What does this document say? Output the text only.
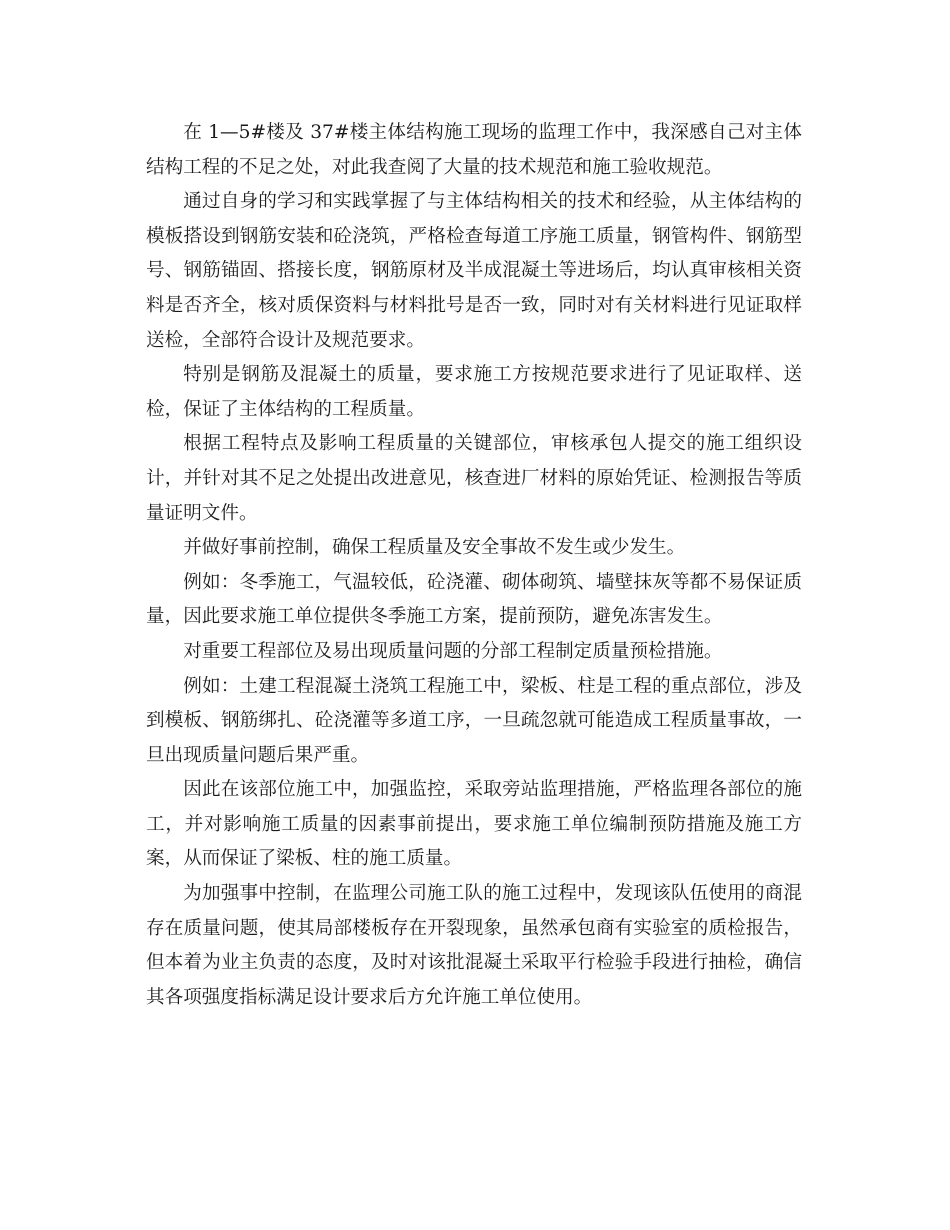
在 1—5#楼及 37#楼主体结构施工现场的监理工作中，我深感自己对主体结构工程的不足之处，对此我查阅了大量的技术规范和施工验收规范。

通过自身的学习和实践掌握了与主体结构相关的技术和经验，从主体结构的模板搭设到钢筋安装和砼浇筑，严格检查每道工序施工质量，钢管构件、钢筋型号、钢筋锚固、搭接长度，钢筋原材及半成混凝土等进场后，均认真审核相关资料是否齐全，核对质保资料与材料批号是否一致，同时对有关材料进行见证取样送检，全部符合设计及规范要求。

特别是钢筋及混凝土的质量，要求施工方按规范要求进行了见证取样、送检，保证了主体结构的工程质量。

根据工程特点及影响工程质量的关键部位，审核承包人提交的施工组织设计，并针对其不足之处提出改进意见，核查进厂材料的原始凭证、检测报告等质量证明文件。

并做好事前控制，确保工程质量及安全事故不发生或少发生。

例如：冬季施工，气温较低，砼浇灌、砌体砌筑、墙壁抹灰等都不易保证质量，因此要求施工单位提供冬季施工方案，提前预防，避免冻害发生。

对重要工程部位及易出现质量问题的分部工程制定质量预检措施。

例如：土建工程混凝土浇筑工程施工中，梁板、柱是工程的重点部位，涉及到模板、钢筋绑扎、砼浇灌等多道工序，一旦疏忽就可能造成工程质量事故，一旦出现质量问题后果严重。

因此在该部位施工中，加强监控，采取旁站监理措施，严格监理各部位的施工，并对影响施工质量的因素事前提出，要求施工单位编制预防措施及施工方案，从而保证了梁板、柱的施工质量。

为加强事中控制，在监理公司施工队的施工过程中，发现该队伍使用的商混存在质量问题，使其局部楼板存在开裂现象，虽然承包商有实验室的质检报告，但本着为业主负责的态度，及时对该批混凝土采取平行检验手段进行抽检，确信其各项强度指标满足设计要求后方允许施工单位使用。
